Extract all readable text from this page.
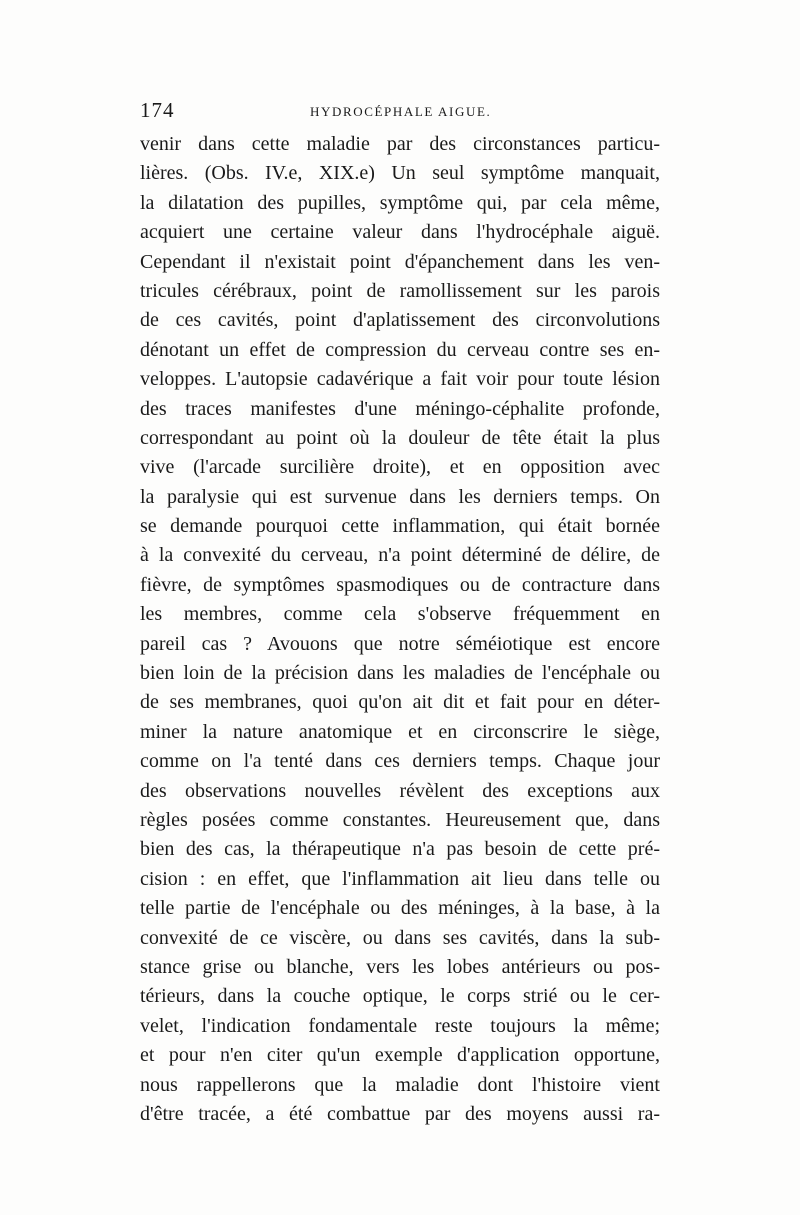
174	HYDROCÉPHALE AIGUE.
venir dans cette maladie par des circonstances particu-
lières. (Obs. IV.e, XIX.e) Un seul symptôme manquait,
la dilatation des pupilles, symptôme qui, par cela même,
acquiert une certaine valeur dans l'hydrocéphale aiguë.
Cependant il n'existait point d'épanchement dans les ven-
tricules cérébraux, point de ramollissement sur les parois
de ces cavités, point d'aplatissement des circonvolutions
dénotant un effet de compression du cerveau contre ses en-
veloppes. L'autopsie cadavérique a fait voir pour toute lésion
des traces manifestes d'une méningo-céphalite profonde,
correspondant au point où la douleur de tête était la plus
vive (l'arcade surcilière droite), et en opposition avec
la paralysie qui est survenue dans les derniers temps. On
se demande pourquoi cette inflammation, qui était bornée
à la convexité du cerveau, n'a point déterminé de délire, de
fièvre, de symptômes spasmodiques ou de contracture dans
les membres, comme cela s'observe fréquemment en
pareil cas ? Avouons que notre séméiotique est encore
bien loin de la précision dans les maladies de l'encéphale ou
de ses membranes, quoi qu'on ait dit et fait pour en déter-
miner la nature anatomique et en circonscrire le siège,
comme on l'a tenté dans ces derniers temps. Chaque jour
des observations nouvelles révèlent des exceptions aux
règles posées comme constantes. Heureusement que, dans
bien des cas, la thérapeutique n'a pas besoin de cette pré-
cision : en effet, que l'inflammation ait lieu dans telle ou
telle partie de l'encéphale ou des méninges, à la base, à la
convexité de ce viscère, ou dans ses cavités, dans la sub-
stance grise ou blanche, vers les lobes antérieurs ou pos-
térieurs, dans la couche optique, le corps strié ou le cer-
velet, l'indication fondamentale reste toujours la même;
et pour n'en citer qu'un exemple d'application opportune,
nous rappellerons que la maladie dont l'histoire vient
d'être tracée, a été combattue par des moyens aussi ra-
